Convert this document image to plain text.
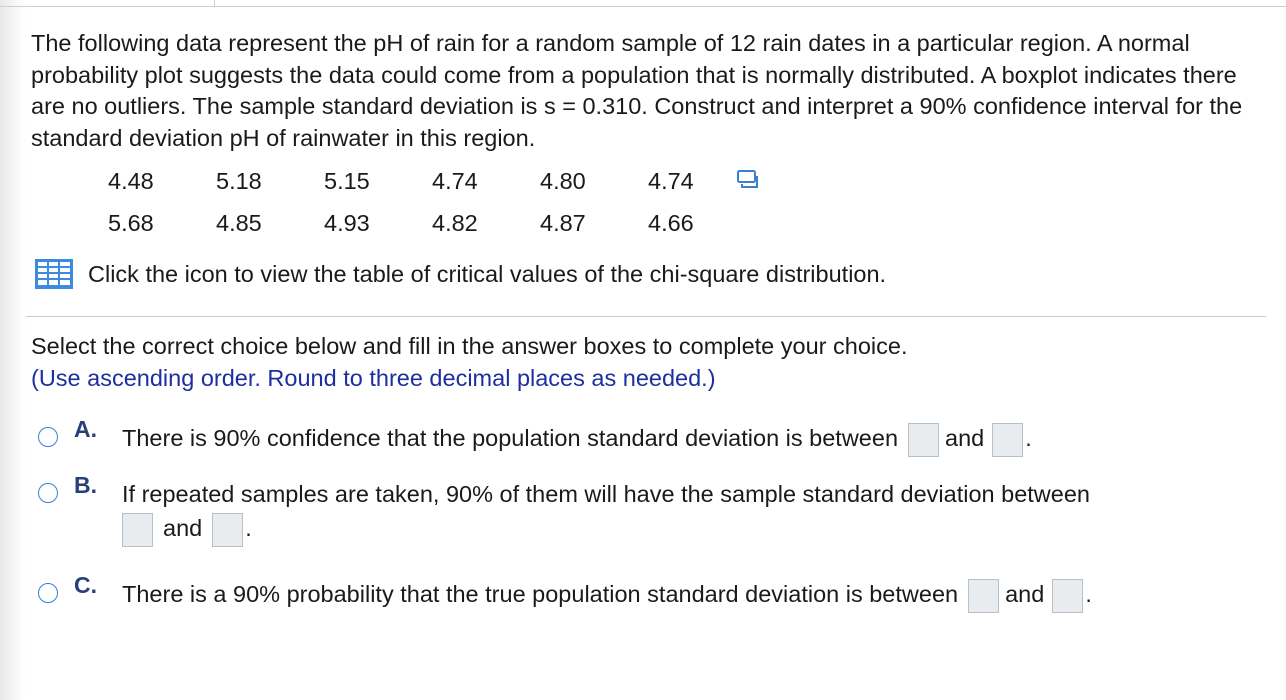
The following data represent the pH of rain for a random sample of 12 rain dates in a particular region. A normal probability plot suggests the data could come from a population that is normally distributed. A boxplot indicates there are no outliers. The sample standard deviation is s = 0.310. Construct and interpret a 90% confidence interval for the standard deviation pH of rainwater in this region.

4.48	5.18	5.15	4.74	4.80	4.74
5.68	4.85	4.93	4.82	4.87	4.66
Click the icon to view the table of critical values of the chi-square distribution.
Select the correct choice below and fill in the answer boxes to complete your choice.
(Use ascending order. Round to three decimal places as needed.)
A.	There is 90% confidence that the population standard deviation is between and .
B.	If repeated samples are taken, 90% of them will have the sample standard deviation between
and .
C.	There is a 90% probability that the true population standard deviation is between and .
